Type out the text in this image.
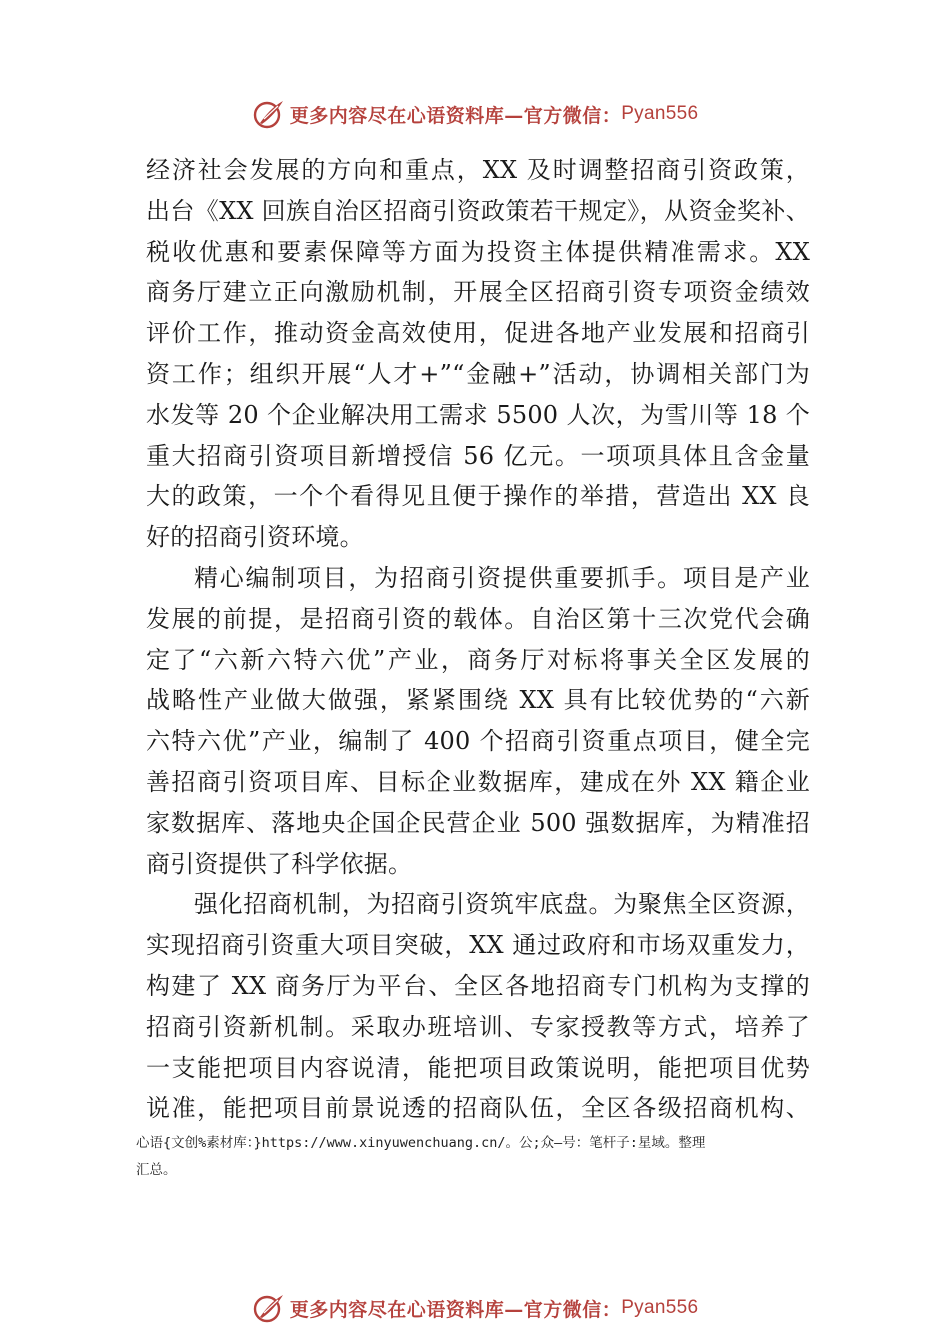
更多内容尽在心语资料库—官方微信： Pyan556
经济社会发展的方向和重点，XX 及时调整招商引资政策，
出台《XX 回族自治区招商引资政策若干规定》，从资金奖补、
税收优惠和要素保障等方面为投资主体提供精准需求。XX
商务厅建立正向激励机制，开展全区招商引资专项资金绩效
评价工作，推动资金高效使用，促进各地产业发展和招商引
资工作；组织开展“人才+”“金融+”活动，协调相关部门为
水发等 20 个企业解决用工需求 5500 人次，为雪川等 18 个
重大招商引资项目新增授信 56 亿元。一项项具体且含金量
大的政策，一个个看得见且便于操作的举措，营造出 XX 良
好的招商引资环境。
精心编制项目，为招商引资提供重要抓手。项目是产业
发展的前提，是招商引资的载体。自治区第十三次党代会确
定了“六新六特六优”产业，商务厅对标将事关全区发展的
战略性产业做大做强，紧紧围绕 XX 具有比较优势的“六新
六特六优”产业，编制了 400 个招商引资重点项目，健全完
善招商引资项目库、目标企业数据库，建成在外 XX 籍企业
家数据库、落地央企国企民营企业 500 强数据库，为精准招
商引资提供了科学依据。
强化招商机制，为招商引资筑牢底盘。为聚焦全区资源，
实现招商引资重大项目突破，XX 通过政府和市场双重发力，
构建了 XX 商务厅为平台、全区各地招商专门机构为支撑的
招商引资新机制。采取办班培训、专家授教等方式，培养了
一支能把项目内容说清，能把项目政策说明，能把项目优势
说准，能把项目前景说透的招商队伍，全区各级招商机构、
心语{文创%素材库：}https://www.xinyuwenchuang.cn/。公;众—号：笔杆子:星域。整理
汇总。
更多内容尽在心语资料库—官方微信： Pyan556
